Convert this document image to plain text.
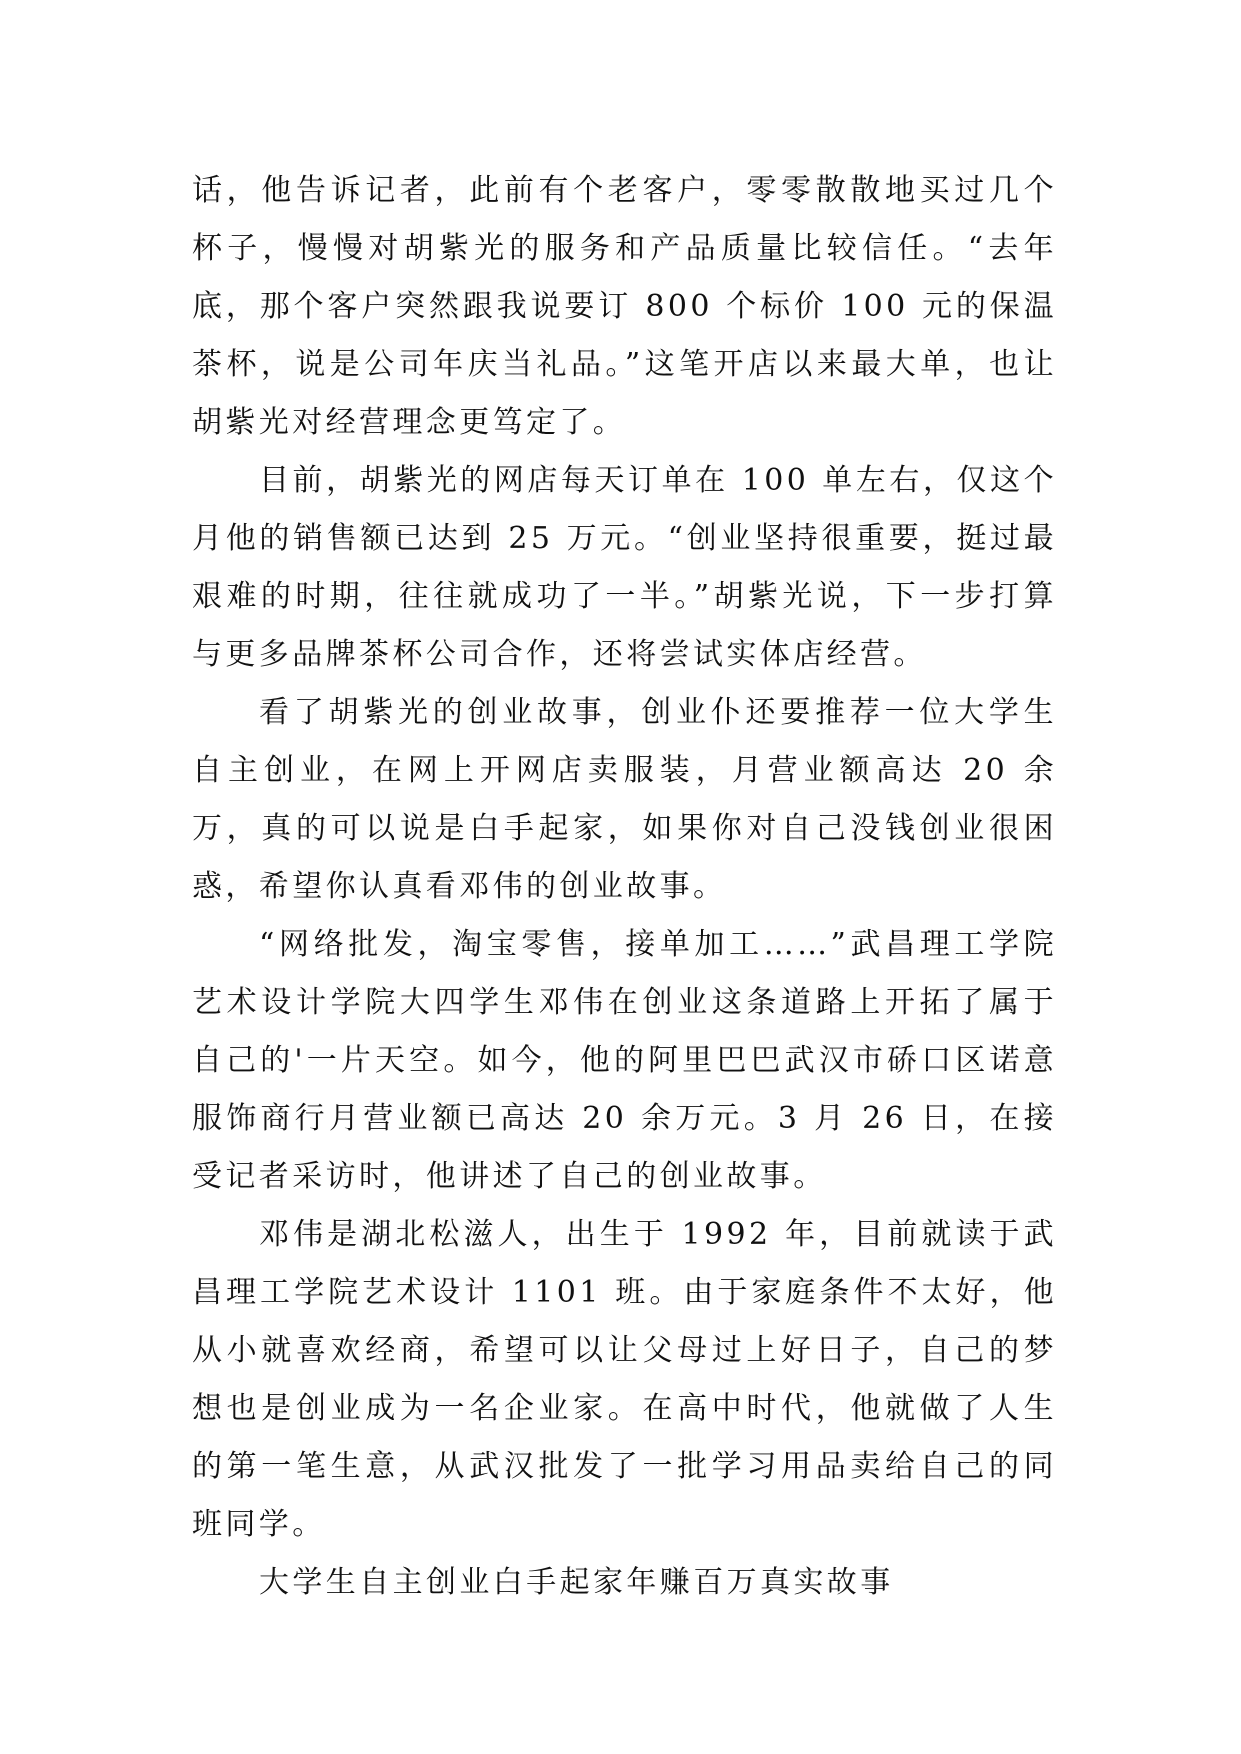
话，他告诉记者，此前有个老客户，零零散散地买过几个杯子，慢慢对胡紫光的服务和产品质量比较信任。“去年底，那个客户突然跟我说要订 800 个标价 100 元的保温茶杯，说是公司年庆当礼品。”这笔开店以来最大单，也让胡紫光对经营理念更笃定了。

目前，胡紫光的网店每天订单在 100 单左右，仅这个月他的销售额已达到 25 万元。“创业坚持很重要，挺过最艰难的时期，往往就成功了一半。”胡紫光说，下一步打算与更多品牌茶杯公司合作，还将尝试实体店经营。

看了胡紫光的创业故事，创业仆还要推荐一位大学生自主创业，在网上开网店卖服装，月营业额高达 20 余万，真的可以说是白手起家，如果你对自己没钱创业很困惑，希望你认真看邓伟的创业故事。

“网络批发，淘宝零售，接单加工……”武昌理工学院艺术设计学院大四学生邓伟在创业这条道路上开拓了属于自己的'一片天空。如今，他的阿里巴巴武汉市硚口区诺意服饰商行月营业额已高达 20 余万元。3 月 26 日，在接受记者采访时，他讲述了自己的创业故事。

邓伟是湖北松滋人，出生于 1992 年，目前就读于武昌理工学院艺术设计 1101 班。由于家庭条件不太好，他从小就喜欢经商，希望可以让父母过上好日子，自己的梦想也是创业成为一名企业家。在高中时代，他就做了人生的第一笔生意，从武汉批发了一批学习用品卖给自己的同班同学。

大学生自主创业白手起家年赚百万真实故事
